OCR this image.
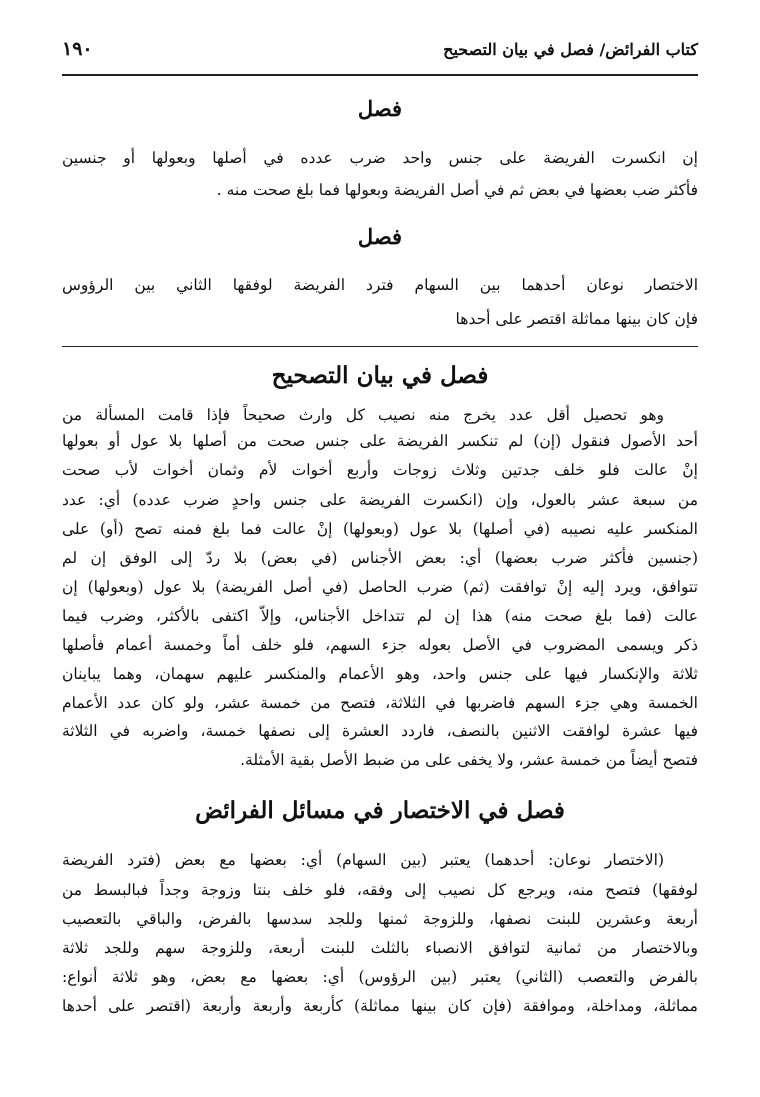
كتاب الفرائض/ فصل في بيان التصحيح
١٩٠
فصل
إن انكسرت الفريضة على جنس واحد ضرب عدده في أصلها وبعولها أو جنسين
فأكثر ضب بعضها في بعض ثم في أصل الفريضة وبعولها فما بلغ صحت منه .
فصل
الاختصار نوعان أحدهما بين السهام فترد الفريضة لوفقها الثاني بين الرؤوس
فإن كان بينها مماثلة اقتصر على أحدها
فصل في بيان التصحيح
وهو تحصيل أقل عدد يخرج منه نصيب كل وارث صحيحاً فإذا قامت المسألة من
أحد الأصول فنقول (إن) لم تنكسر الفريضة على جنس صحت من أصلها بلا عول أو بعولها
إنْ عالت فلو خلف جدتين وثلاث زوجات وأربع أخوات لأم وثمان أخوات لأب صحت
من سبعة عشر بالعول، وإن (انكسرت الفريضة على جنس واحدٍ ضرب عدده) أي: عدد
المنكسر عليه نصيبه (في أصلها) بلا عول (وبعولها) إنْ عالت فما بلغ فمنه تصح (أو) على
(جنسين فأكثر ضرب بعضها) أي: بعض الأجناس (في بعض) بلا ردّ إلى الوفق إن لم
تتوافق، ويرد إليه إنْ توافقت (ثم) ضرب الحاصل (في أصل الفريضة) بلا عول (وبعولها) إن
عالت (فما بلغ صحت منه) هذا إن لم تتداخل الأجناس، وإلاّ اكتفى بالأكثر، وضرب فيما
ذكر ويسمى المضروب في الأصل بعوله جزء السهم، فلو خلف أماً وخمسة أعمام فأصلها
ثلاثة والإنكسار فيها على جنس واحد، وهو الأعمام والمنكسر عليهم سهمان، وهما يباينان
الخمسة وهي جزء السهم فاضربها في الثلاثة، فتصح من خمسة عشر، ولو كان عدد الأعمام
فيها عشرة لوافقت الاثنين بالنصف، فاردد العشرة إلى نصفها خمسة، واضربه في الثلاثة
فتصح أيضاً من خمسة عشر، ولا يخفى على من ضبط الأصل بقية الأمثلة.
فصل في الاختصار في مسائل الفرائض
(الاختصار نوعان: أحدهما) يعتبر (بين السهام) أي: بعضها مع بعض (فترد الفريضة
لوفقها) فتصح منه، ويرجع كل نصيب إلى وفقه، فلو خلف بنتا وزوجة وجداً فبالبسط من
أربعة وعشرين للبنت نصفها، وللزوجة ثمنها وللجد سدسها بالفرض، والباقي بالتعصيب
وبالاختصار من ثمانية لتوافق الانصباء بالثلث للبنت أربعة، وللزوجة سهم وللجد ثلاثة
بالفرض والتعصب (الثاني) يعتبر (بين الرؤوس) أي: بعضها مع بعض، وهو ثلاثة أنواع:
مماثلة، ومداخلة، وموافقة (فإن كان بينها مماثلة) كأربعة وأربعة وأربعة (اقتصر على أحدها
